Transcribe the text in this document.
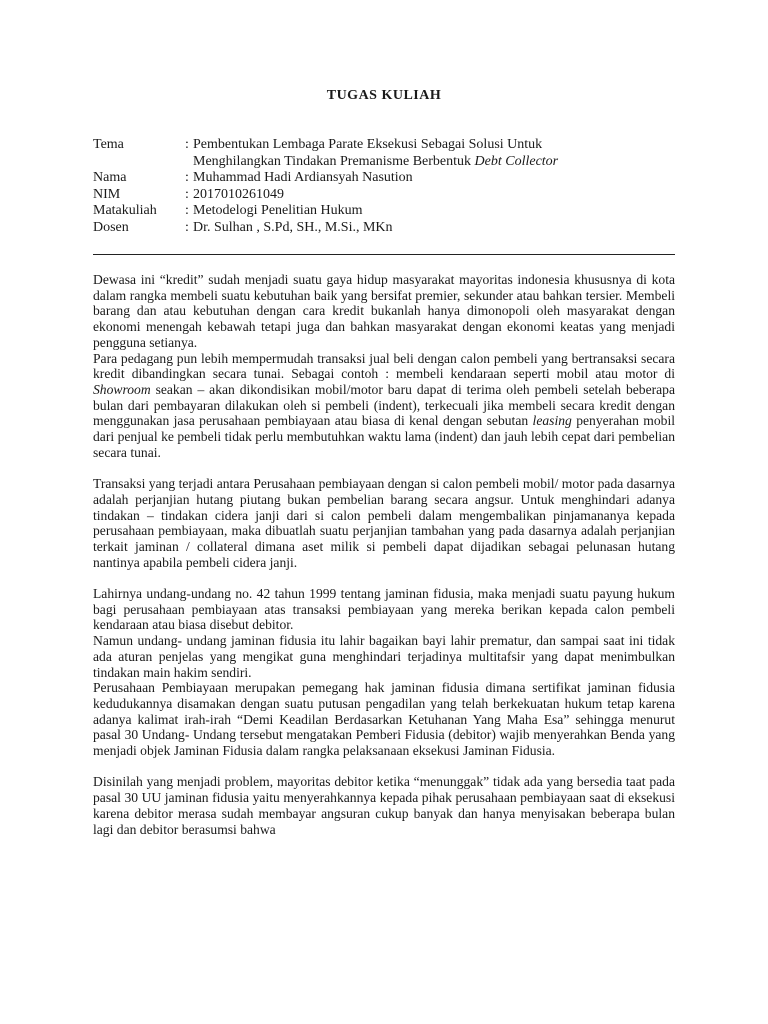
TUGAS KULIAH
Tema	: Pembentukan Lembaga Parate Eksekusi Sebagai Solusi Untuk
Menghilangkan Tindakan Premanisme Berbentuk Debt Collector
Nama	: Muhammad Hadi Ardiansyah Nasution
NIM	: 2017010261049
Matakuliah	: Metodelogi Penelitian Hukum
Dosen	: Dr. Sulhan , S.Pd, SH., M.Si., MKn

Dewasa ini “kredit” sudah menjadi suatu gaya hidup masyarakat mayoritas indonesia khususnya di kota dalam rangka membeli suatu kebutuhan baik yang bersifat premier, sekunder atau bahkan tersier. Membeli barang dan atau kebutuhan dengan cara kredit bukanlah hanya dimonopoli oleh masyarakat dengan ekonomi menengah kebawah tetapi juga dan bahkan masyarakat dengan ekonomi keatas yang menjadi pengguna setianya.

Para pedagang pun lebih mempermudah transaksi jual beli dengan calon pembeli yang bertransaksi secara kredit dibandingkan secara tunai. Sebagai contoh : membeli kendaraan seperti mobil atau motor di Showroom seakan – akan dikondisikan mobil/motor baru dapat di terima oleh pembeli setelah beberapa bulan dari pembayaran dilakukan oleh si pembeli (indent), terkecuali jika membeli secara kredit dengan menggunakan jasa perusahaan pembiayaan atau biasa di kenal dengan sebutan leasing penyerahan mobil dari penjual ke pembeli tidak perlu membutuhkan waktu lama (indent) dan jauh lebih cepat dari pembelian secara tunai.

Transaksi yang terjadi antara Perusahaan pembiayaan dengan si calon pembeli mobil/ motor pada dasarnya adalah perjanjian hutang piutang bukan pembelian barang secara angsur. Untuk menghindari adanya tindakan – tindakan cidera janji dari si calon pembeli dalam mengembalikan pinjamananya kepada perusahaan pembiayaan, maka dibuatlah suatu perjanjian tambahan yang pada dasarnya adalah perjanjian terkait jaminan / collateral dimana aset milik si pembeli dapat dijadikan sebagai pelunasan hutang nantinya apabila pembeli cidera janji.

Lahirnya undang-undang no. 42 tahun 1999 tentang jaminan fidusia, maka menjadi suatu payung hukum bagi perusahaan pembiayaan atas transaksi pembiayaan yang mereka berikan kepada calon pembeli kendaraan atau biasa disebut debitor.

Namun undang- undang jaminan fidusia itu lahir bagaikan bayi lahir prematur, dan sampai saat ini tidak ada aturan penjelas yang mengikat guna menghindari terjadinya multitafsir yang dapat menimbulkan tindakan main hakim sendiri.

Perusahaan Pembiayaan merupakan pemegang hak jaminan fidusia dimana sertifikat jaminan fidusia kedudukannya disamakan dengan suatu putusan pengadilan yang telah berkekuatan hukum tetap karena adanya kalimat irah-irah “Demi Keadilan Berdasarkan Ketuhanan Yang Maha Esa” sehingga menurut pasal 30 Undang- Undang tersebut mengatakan Pemberi Fidusia (debitor) wajib menyerahkan Benda yang menjadi objek Jaminan Fidusia dalam rangka pelaksanaan eksekusi Jaminan Fidusia.

Disinilah yang menjadi problem, mayoritas debitor ketika “menunggak” tidak ada yang bersedia taat pada pasal 30 UU jaminan fidusia yaitu menyerahkannya kepada pihak perusahaan pembiayaan saat di eksekusi karena debitor merasa sudah membayar angsuran cukup banyak dan hanya menyisakan beberapa bulan lagi dan debitor berasumsi bahwa
